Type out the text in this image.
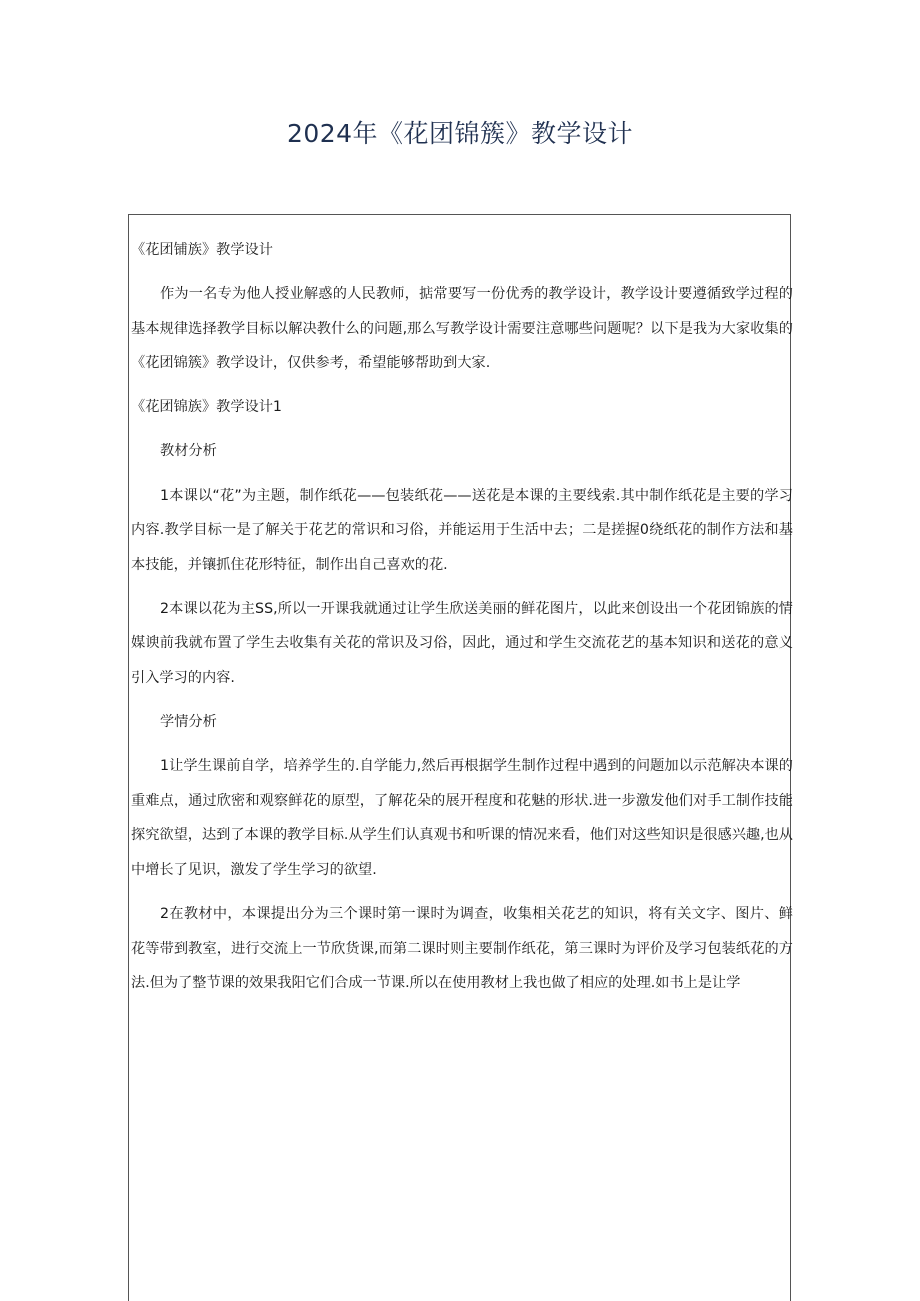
2024年《花团锦簇》教学设计

《花团铺族》教学设计

作为一名专为他人授业解惑的人民教师，掂常要写一份优秀的教学设计，教学设计要遵循致学过程的基本规律选择教学目标以解决教什么的问题,那么写教学设计需要注意哪些问题呢？以下是我为大家收集的《花团锦簇》教学设计，仅供参考，希望能够帮助到大家.

《花团锦族》教学设计1

教材分析

1本课以“花”为主题，制作纸花——包装纸花——送花是本课的主要线索.其中制作纸花是主要的学习内容.教学目标一是了解关于花艺的常识和习俗，并能运用于生活中去；二是搓握0绕纸花的制作方法和基本技能，并镶抓住花形特征，制作出自己喜欢的花.

2本课以花为主SS,所以一开课我就通过让学生欣送美丽的鲜花图片，以此来创设出一个花团锦族的情媒谀前我就布置了学生去收集有关花的常识及习俗，因此，通过和学生交流花艺的基本知识和送花的意义引入学习的内容.

学情分析

1让学生课前自学，培养学生的.自学能力,然后再根据学生制作过程中遇到的问题加以示范解决本课的重难点，通过欣密和观察鲜花的原型，了解花朵的展开程度和花魅的形状.进一步激发他们对手工制作技能探究欲望，达到了本课的教学目标.从学生们认真观书和听课的情况来看，他们对这些知识是很感兴趣,也从中增长了见识，激发了学生学习的欲望.

2在教材中，本课提出分为三个课时第一课时为调查，收集相关花艺的知识，将有关文字、图片、鲜花等带到教室，进行交流上一节欣货课,而第二课时则主要制作纸花，第三课时为评价及学习包装纸花的方法.但为了整节课的效果我阳它们合成一节课.所以在使用教材上我也做了相应的处理.如书上是让学
